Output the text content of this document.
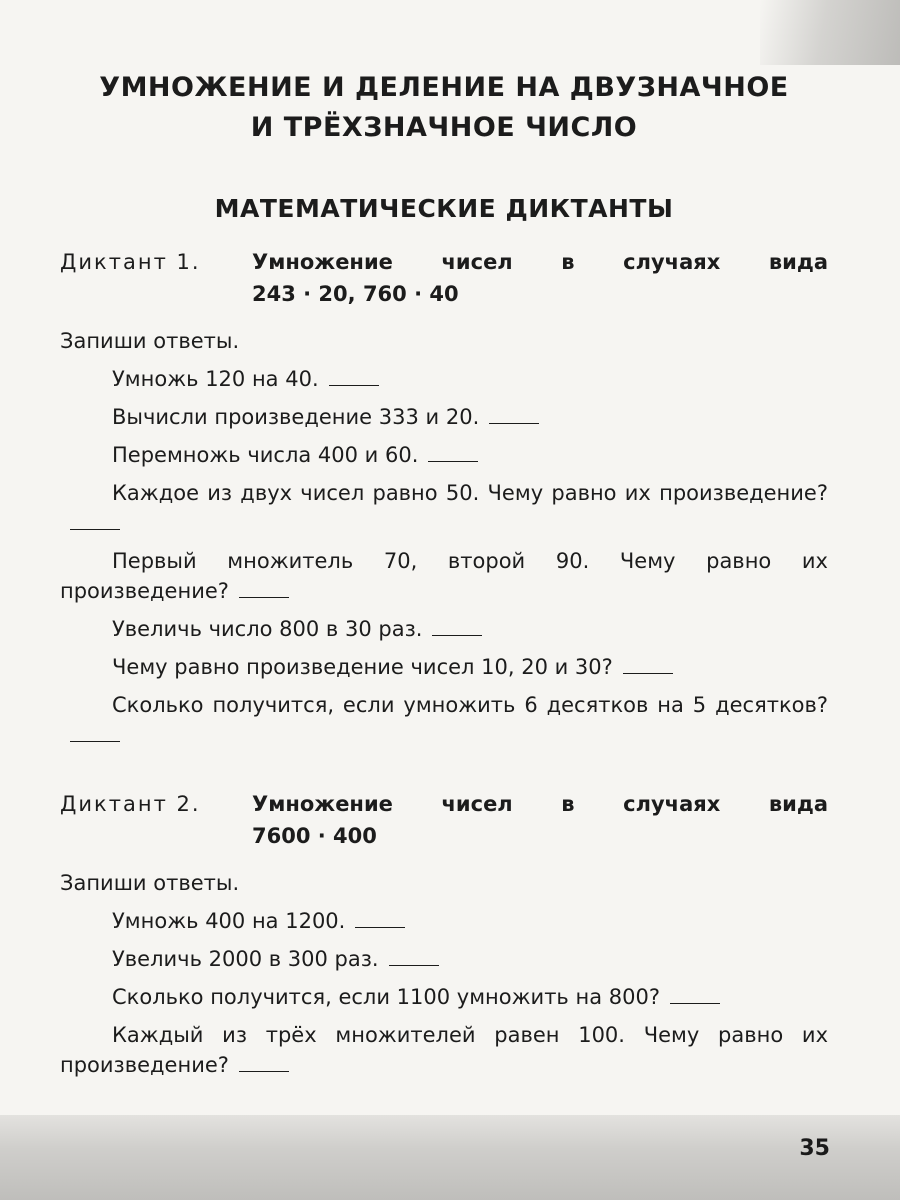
УМНОЖЕНИЕ И ДЕЛЕНИЕ НА ДВУЗНАЧНОЕ
И ТРЁХЗНАЧНОЕ ЧИСЛО
МАТЕМАТИЧЕСКИЕ ДИКТАНТЫ
Диктант 1.	Умножение чисел в случаях вида
243 · 20, 760 · 40
Запиши ответы.
Умножь 120 на 40.
Вычисли произведение 333 и 20.
Перемножь числа 400 и 60.
Каждое из двух чисел равно 50. Чему равно их произведение?
Первый множитель 70, второй 90. Чему равно их произведение?
Увеличь число 800 в 30 раз.
Чему равно произведение чисел 10, 20 и 30?
Сколько получится, если умножить 6 десятков на 5 десятков?
Диктант 2.	Умножение чисел в случаях вида
7600 · 400
Запиши ответы.
Умножь 400 на 1200.
Увеличь 2000 в 300 раз.
Сколько получится, если 1100 умножить на 800?
Каждый из трёх множителей равен 100. Чему равно их произведение?
35
